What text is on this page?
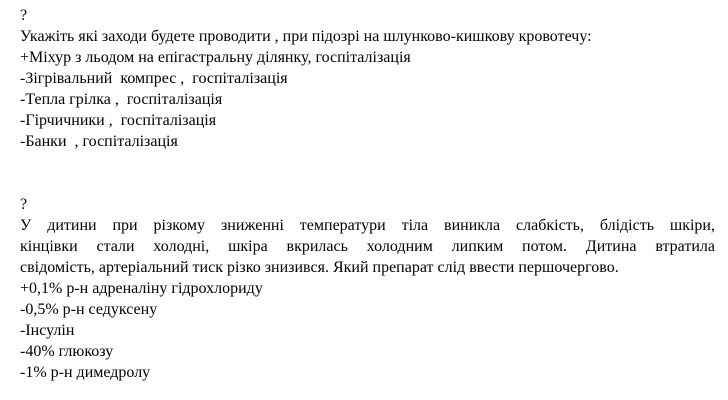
?
Укажіть які заходи будете проводити , при підозрі на шлунково-кишкову кровотечу:
+Міхур з льодом на епігастральну ділянку, госпіталізація
-Зігрівальний  компрес ,  госпіталізація
-Тепла грілка ,  госпіталізація
-Гірчичники ,  госпіталізація
-Банки  , госпіталізація
?
У дитини при різкому зниженні температури тіла виникла слабкість, блідість шкіри,
кінцівки стали холодні, шкіра вкрилась холодним липким потом. Дитина втратила
свідомість, артеріальний тиск різко знизився. Який препарат слід ввести першочергово.
+0,1% р-н адреналіну гідрохлориду
-0,5% р-н седуксену
-Інсулін
-40% глюкозу
-1% р-н димедролу
